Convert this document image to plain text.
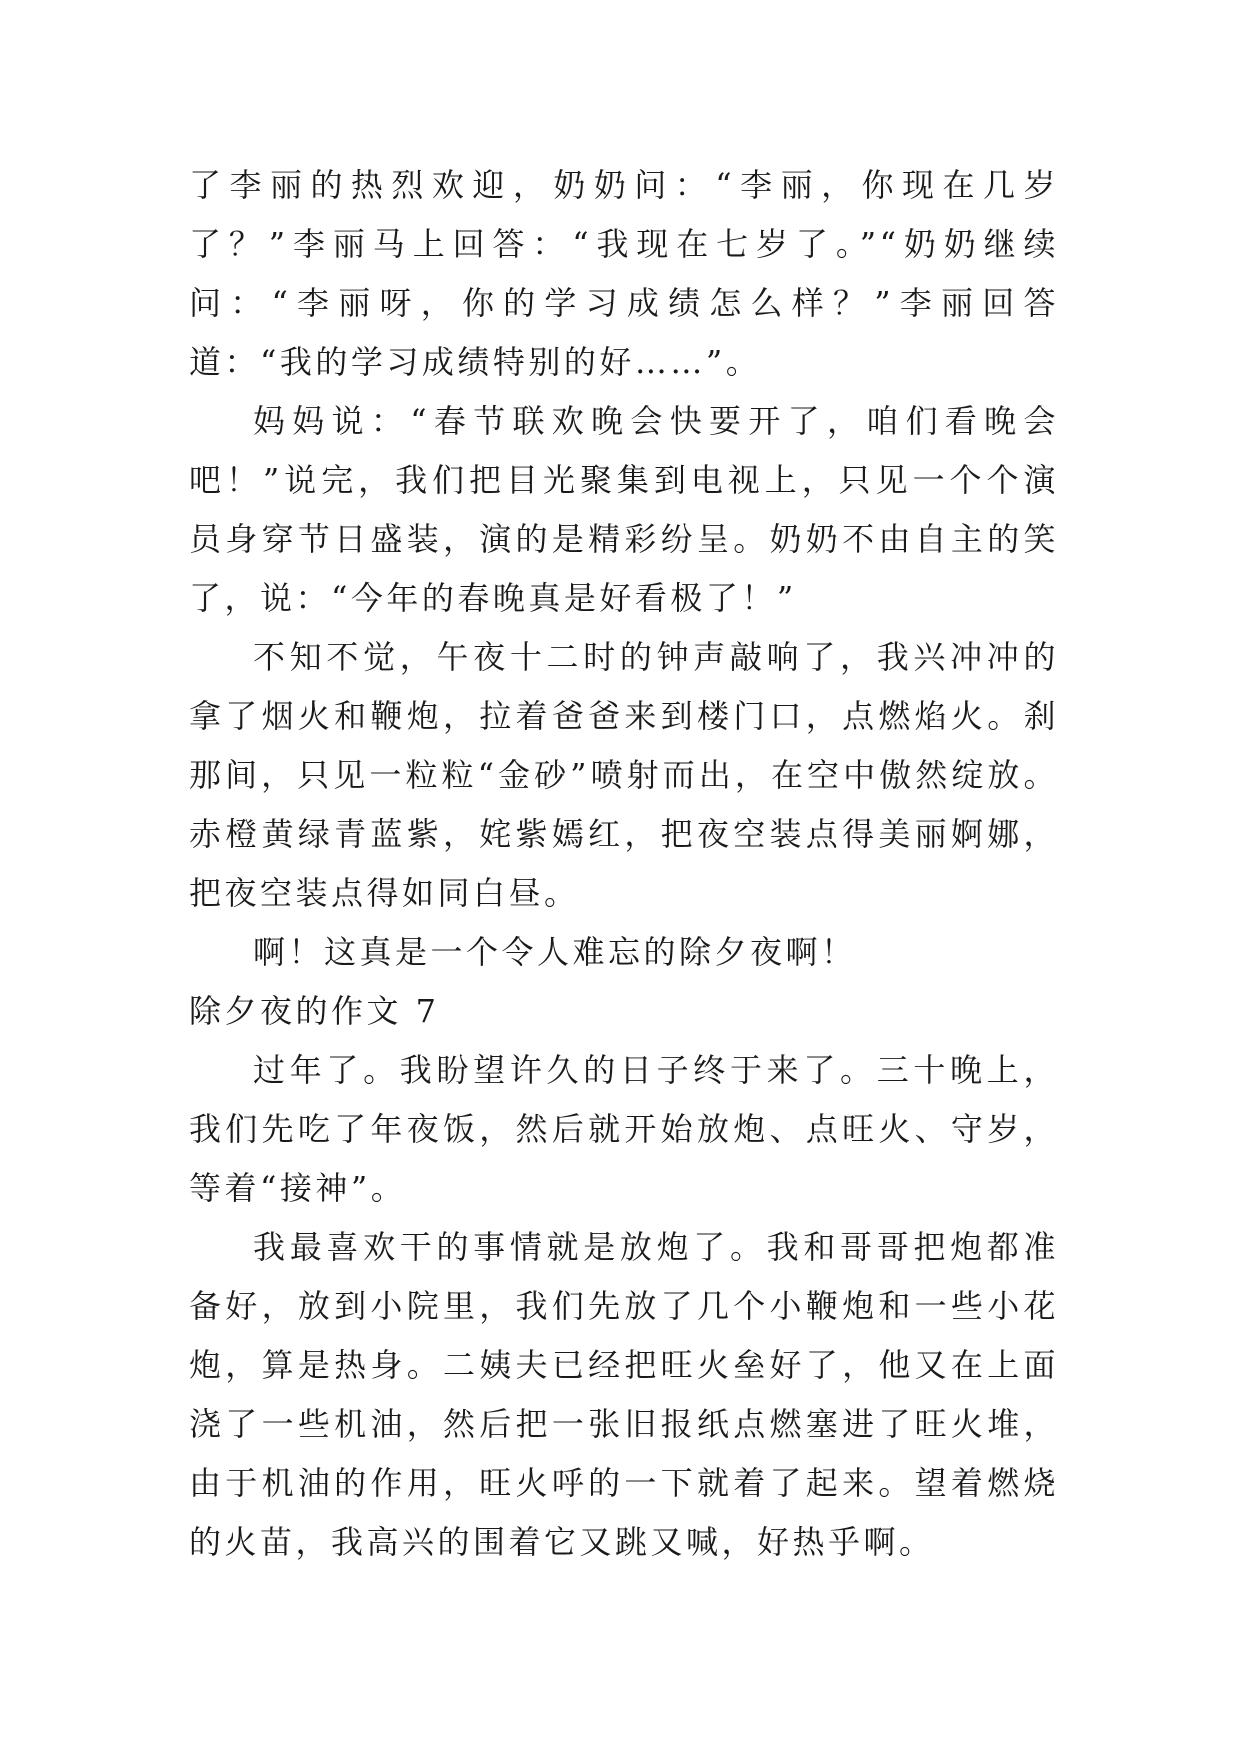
了李丽的热烈欢迎，奶奶问：“李丽，你现在几岁了？”李丽马上回答：“我现在七岁了。”“奶奶继续问：“李丽呀，你的学习成绩怎么样？”李丽回答道：“我的学习成绩特别的好……”。

妈妈说：“春节联欢晚会快要开了，咱们看晚会吧！”说完，我们把目光聚集到电视上，只见一个个演员身穿节日盛装，演的是精彩纷呈。奶奶不由自主的笑了，说：“今年的春晚真是好看极了！”

不知不觉，午夜十二时的钟声敲响了，我兴冲冲的拿了烟火和鞭炮，拉着爸爸来到楼门口，点燃焰火。刹那间，只见一粒粒“金砂”喷射而出，在空中傲然绽放。赤橙黄绿青蓝紫，姹紫嫣红，把夜空装点得美丽婀娜，把夜空装点得如同白昼。

啊！这真是一个令人难忘的除夕夜啊！

除夕夜的作文 7

过年了。我盼望许久的日子终于来了。三十晚上，我们先吃了年夜饭，然后就开始放炮、点旺火、守岁，等着“接神”。

我最喜欢干的事情就是放炮了。我和哥哥把炮都准备好，放到小院里，我们先放了几个小鞭炮和一些小花炮，算是热身。二姨夫已经把旺火垒好了，他又在上面浇了一些机油，然后把一张旧报纸点燃塞进了旺火堆，由于机油的作用，旺火呼的一下就着了起来。望着燃烧的火苗，我高兴的围着它又跳又喊，好热乎啊。
